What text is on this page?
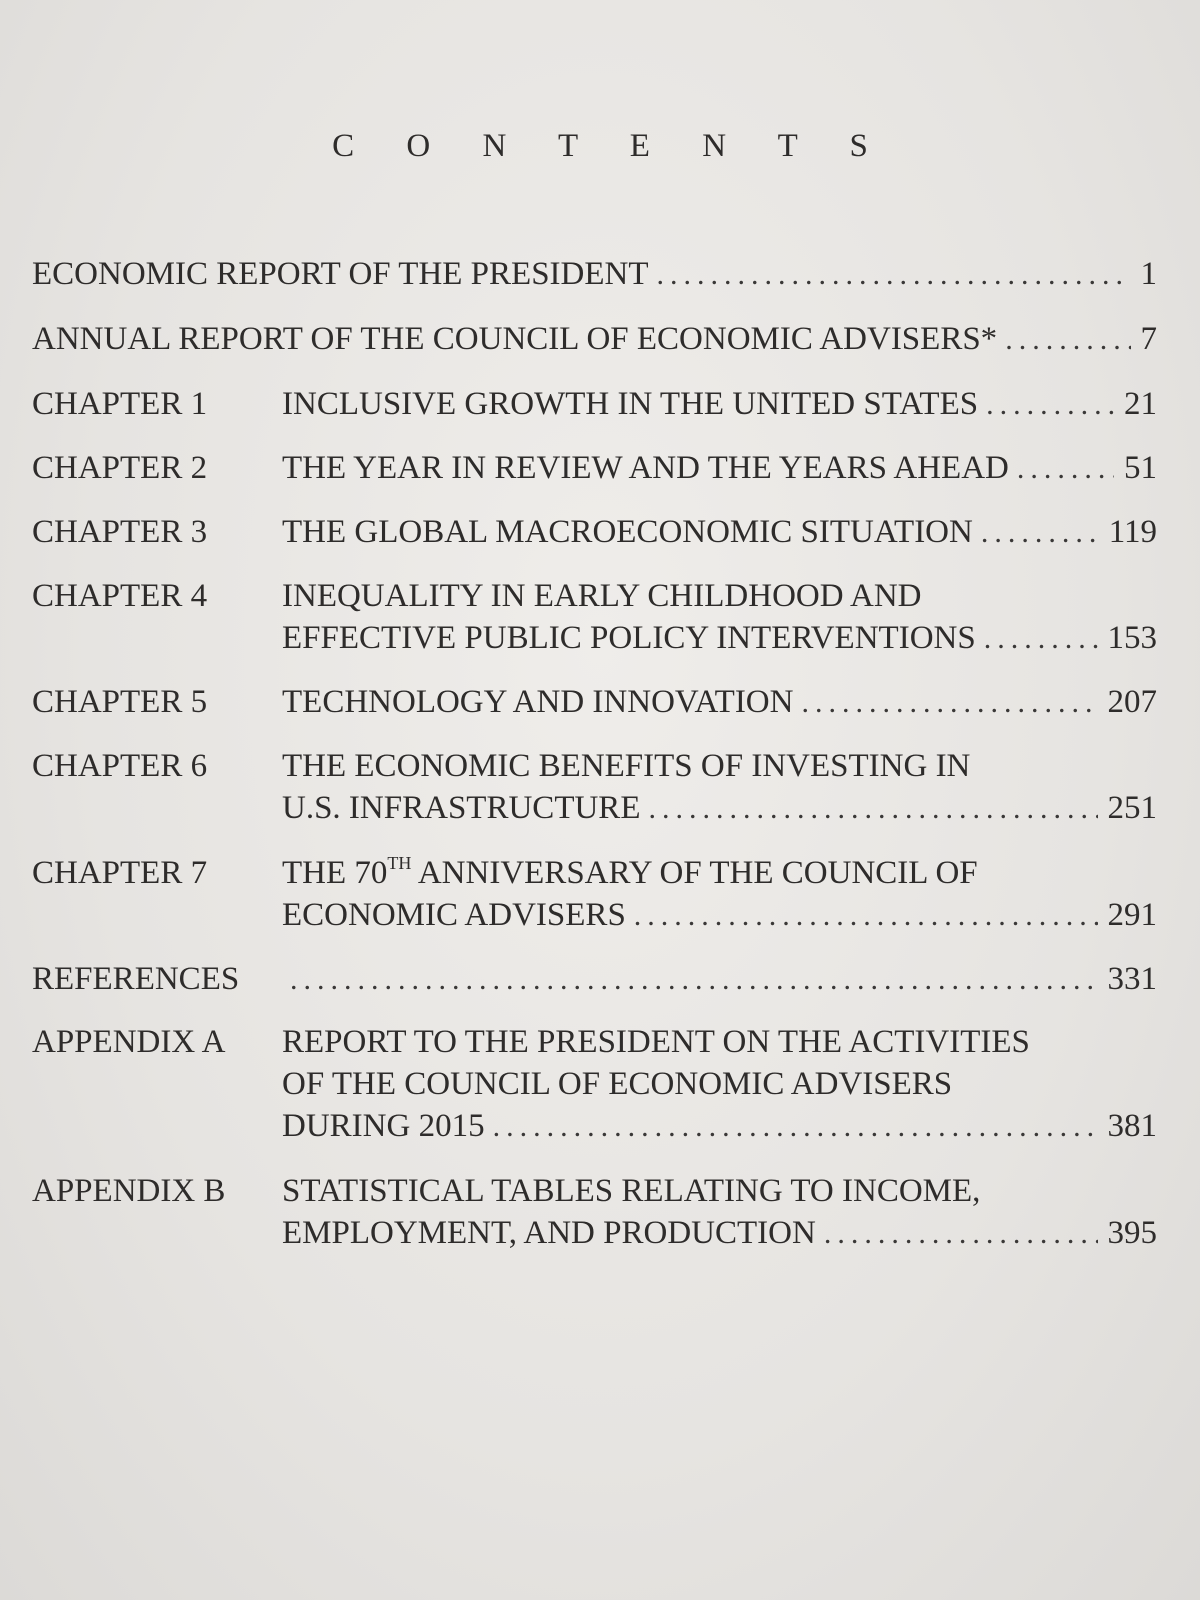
C O N T E N T S
ECONOMIC REPORT OF THE PRESIDENT .....	1
ANNUAL REPORT OF THE COUNCIL OF ECONOMIC ADVISERS* .....	7
CHAPTER 1 INCLUSIVE GROWTH IN THE UNITED STATES .....	21
CHAPTER 2 THE YEAR IN REVIEW AND THE YEARS AHEAD .....	51
CHAPTER 3 THE GLOBAL MACROECONOMIC SITUATION .....	119
CHAPTER 4 INEQUALITY IN EARLY CHILDHOOD AND
EFFECTIVE PUBLIC POLICY INTERVENTIONS .....	153
CHAPTER 5 TECHNOLOGY AND INNOVATION .....	207
CHAPTER 6 THE ECONOMIC BENEFITS OF INVESTING IN
U.S. INFRASTRUCTURE .....	251
CHAPTER 7 THE 70TH ANNIVERSARY OF THE COUNCIL OF
ECONOMIC ADVISERS .....	291
REFERENCES .....	331
APPENDIX A REPORT TO THE PRESIDENT ON THE ACTIVITIES
OF THE COUNCIL OF ECONOMIC ADVISERS
DURING 2015 .....	381
APPENDIX B STATISTICAL TABLES RELATING TO INCOME,
EMPLOYMENT, AND PRODUCTION .....	395
